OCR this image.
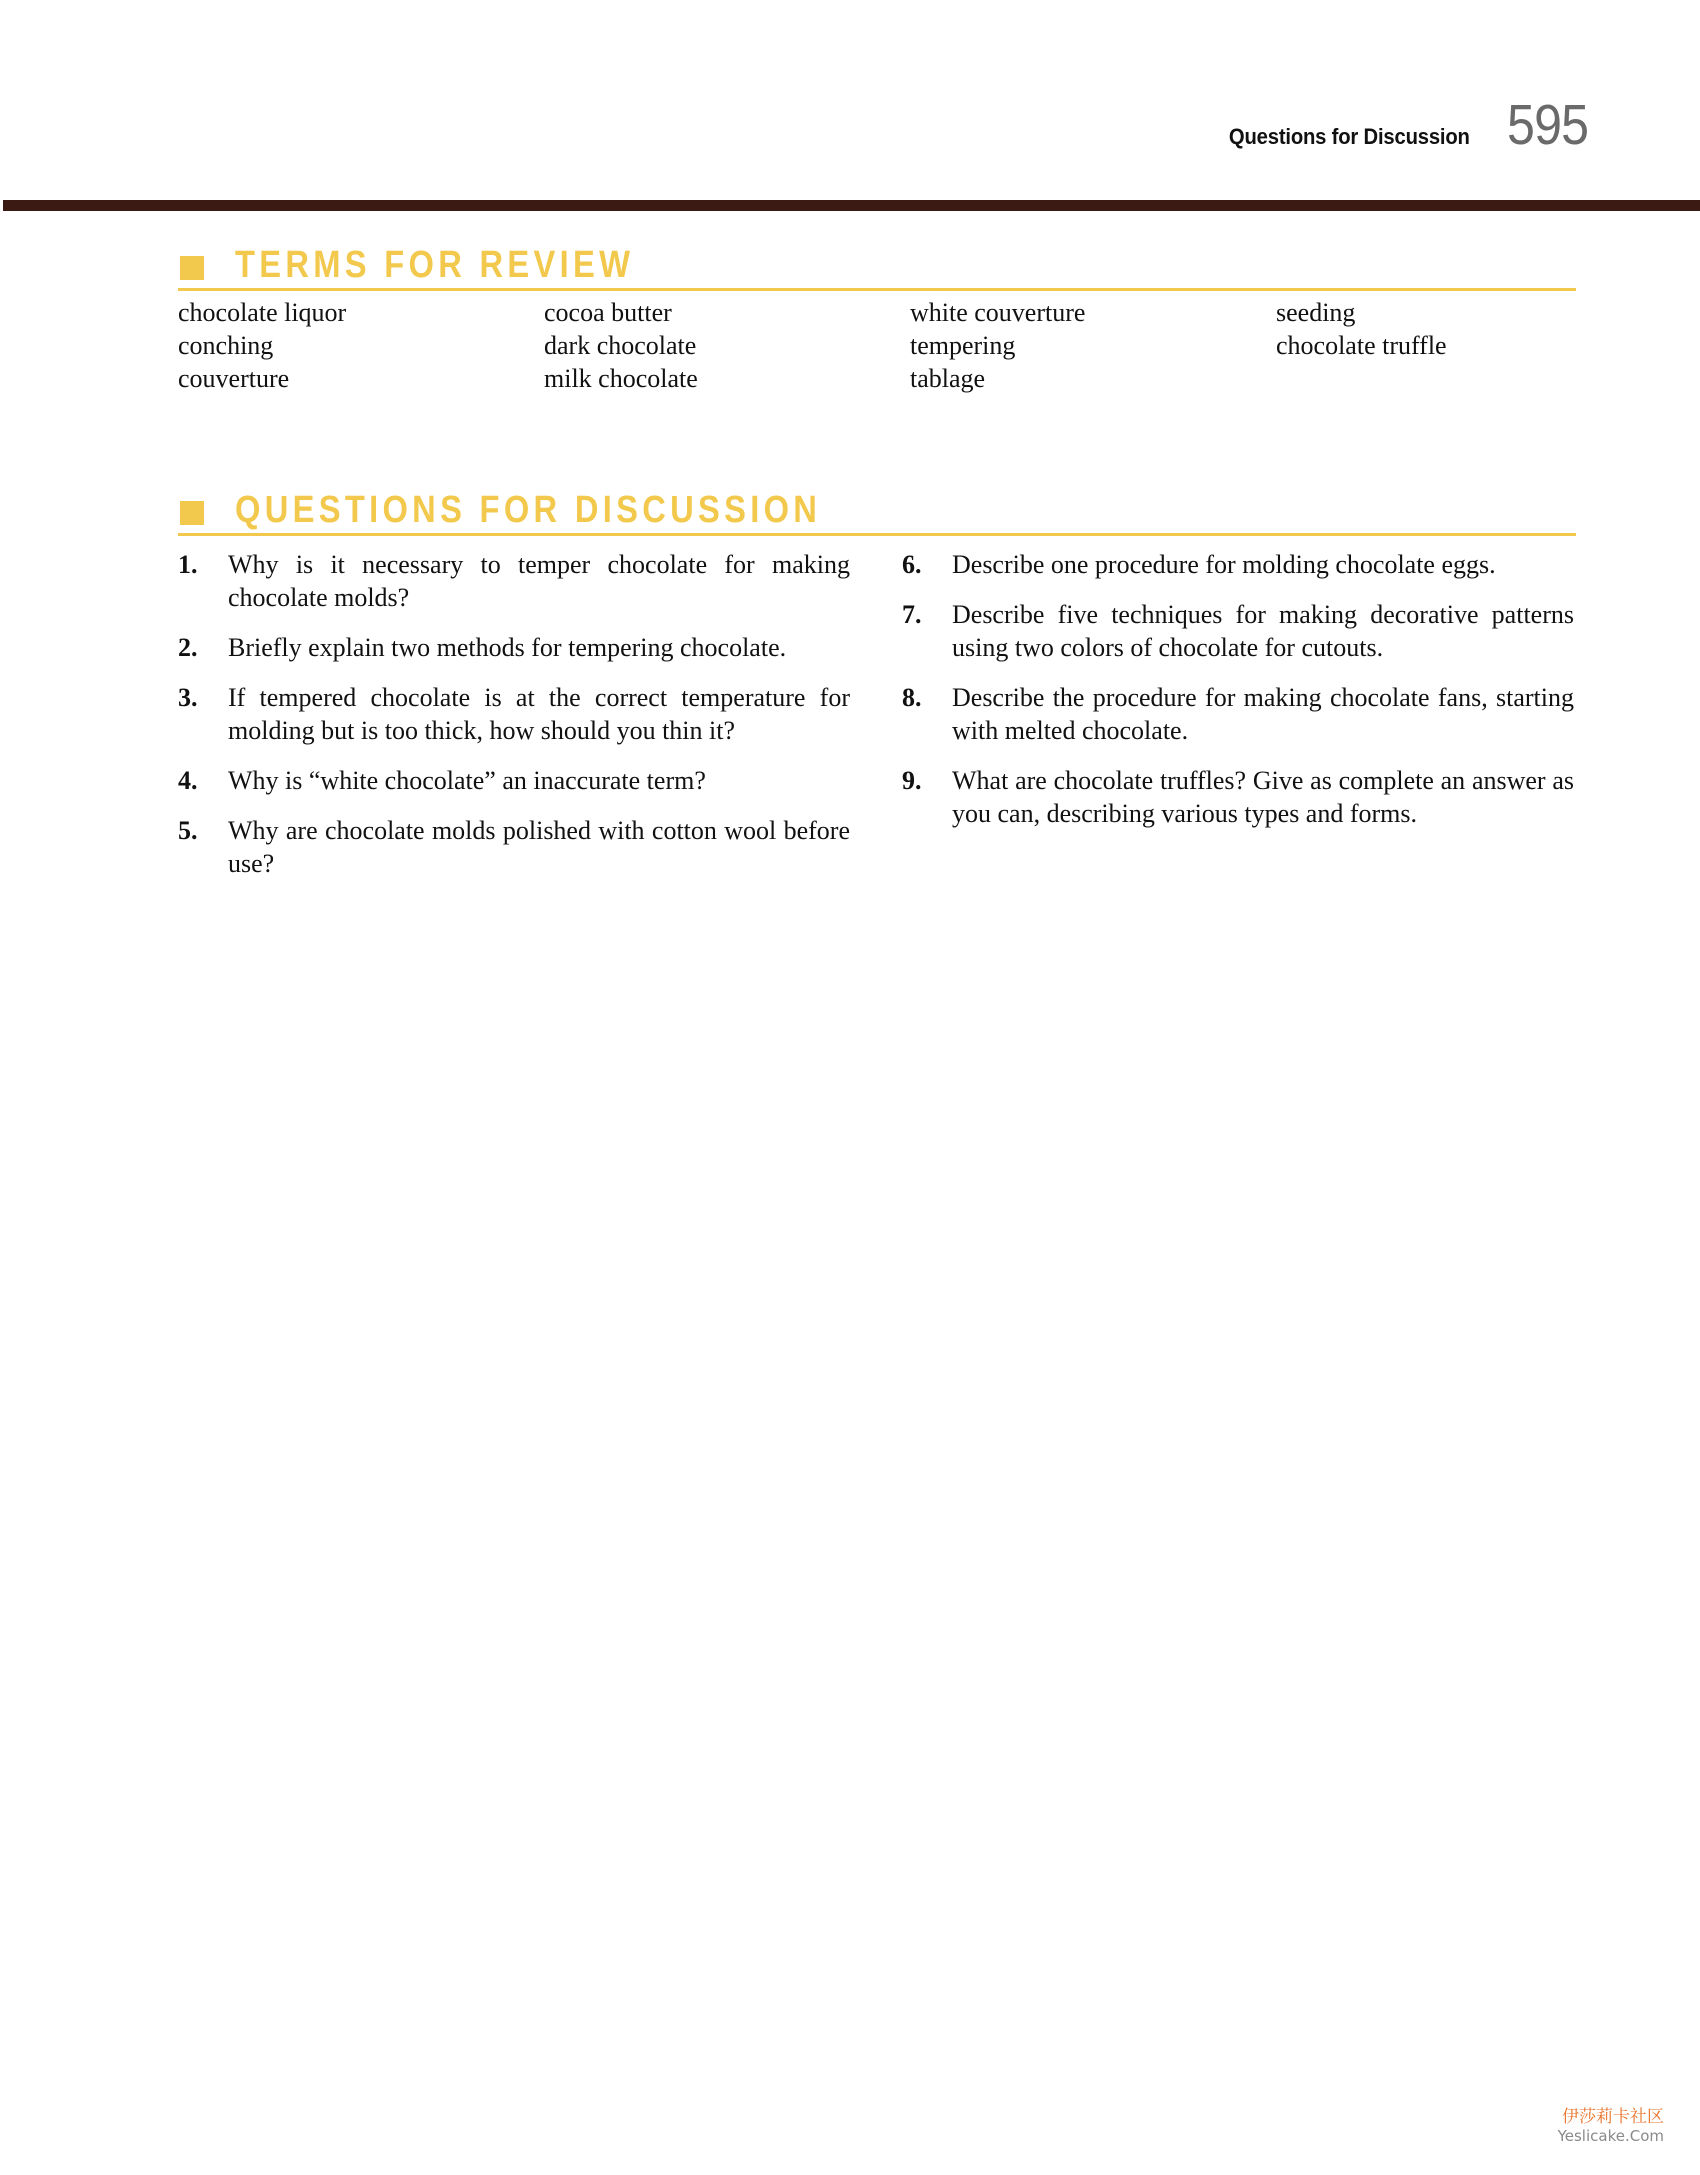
Questions for Discussion 595
TERMS FOR REVIEW
chocolate liquor
conching
couverture
cocoa butter
dark chocolate
milk chocolate
white couverture
tempering
tablage
seeding
chocolate truffle
QUESTIONS FOR DISCUSSION
1. Why is it necessary to temper chocolate for making chocolate molds?
2. Briefly explain two methods for tempering chocolate.
3. If tempered chocolate is at the correct temperature for molding but is too thick, how should you thin it?
4. Why is “white chocolate” an inaccurate term?
5. Why are chocolate molds polished with cotton wool before use?
6. Describe one procedure for molding chocolate eggs.
7. Describe five techniques for making decorative patterns using two colors of chocolate for cutouts.
8. Describe the procedure for making chocolate fans, starting with melted chocolate.
9. What are chocolate truffles? Give as complete an answer as you can, describing various types and forms.
伊莎莉卡社区
Yeslicake.Com
